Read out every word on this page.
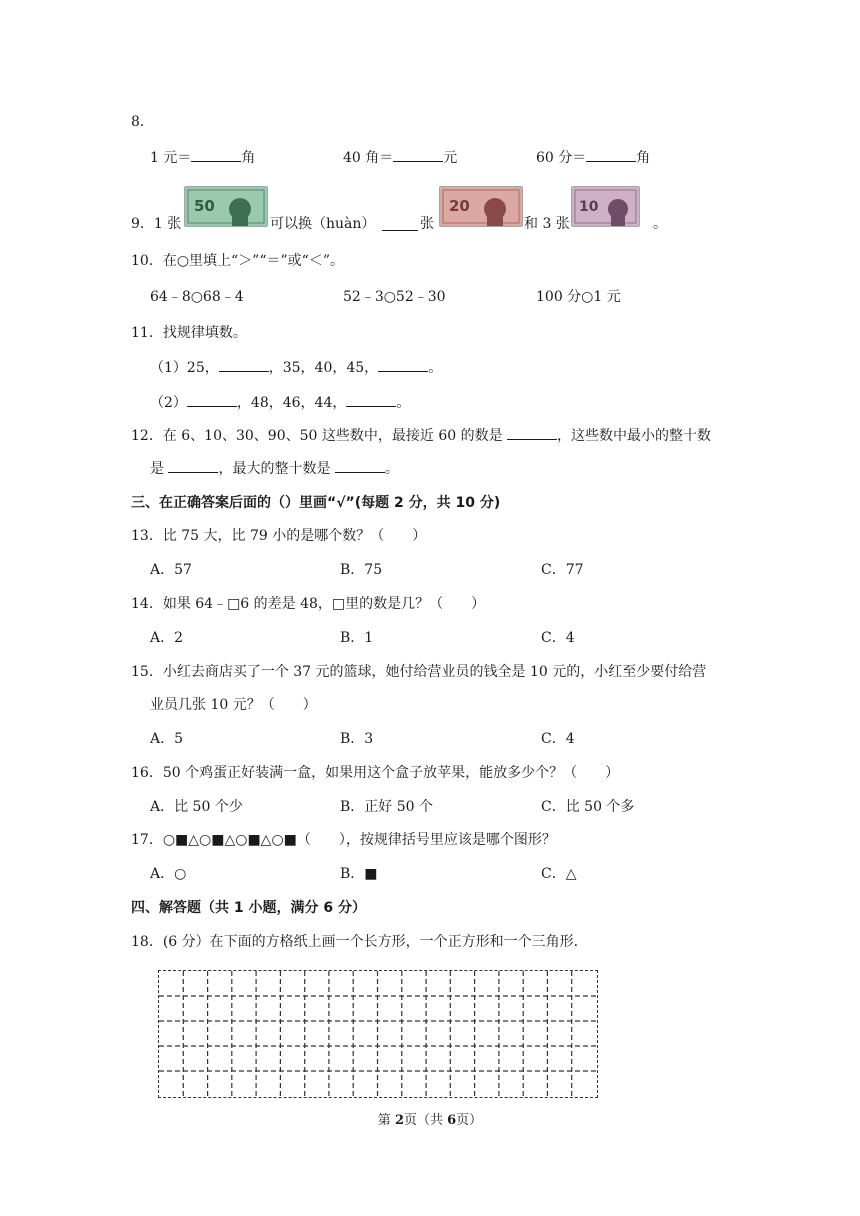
8．
1 元＝	角	40 角＝	元	60 分＝	角
9．1 张
50
可以换（huàn）	张
20
和 3 张
10
。
10．在○里填上“＞”“＝”或“＜”。
64﹣8○68﹣4	52﹣3○52﹣30	100 分○1 元
11．找规律填数。
（1）25，	，35，40，45，	。
（2）	，48，46，44，	。
12．在 6、10、30、90、50 这些数中，最接近 60 的数是	，这些数中最小的整十数
是	，最大的整十数是	。
三、在正确答案后面的（）里画“√”(每题 2 分，共 10 分)
13．比 75 大，比 79 小的是哪个数？（　　）
A．57	B．75	C．77
14．如果 64﹣□6 的差是 48，□里的数是几？（　　）
A．2	B．1	C．4
15．小红去商店买了一个 37 元的篮球，她付给营业员的钱全是 10 元的，小红至少要付给营
业员几张 10 元？（　　）
A．5	B．3	C．4
16．50 个鸡蛋正好装满一盒，如果用这个盒子放苹果，能放多少个？（　　）
A．比 50 个少	B．正好 50 个	C．比 50 个多
17．○■△○■△○■△○■（　　），按规律括号里应该是哪个图形？
A．○	B．■	C．△
四、解答题（共 1 小题，满分 6 分）
18．(6 分）在下面的方格纸上画一个长方形，一个正方形和一个三角形．
第 2页（共 6页）
